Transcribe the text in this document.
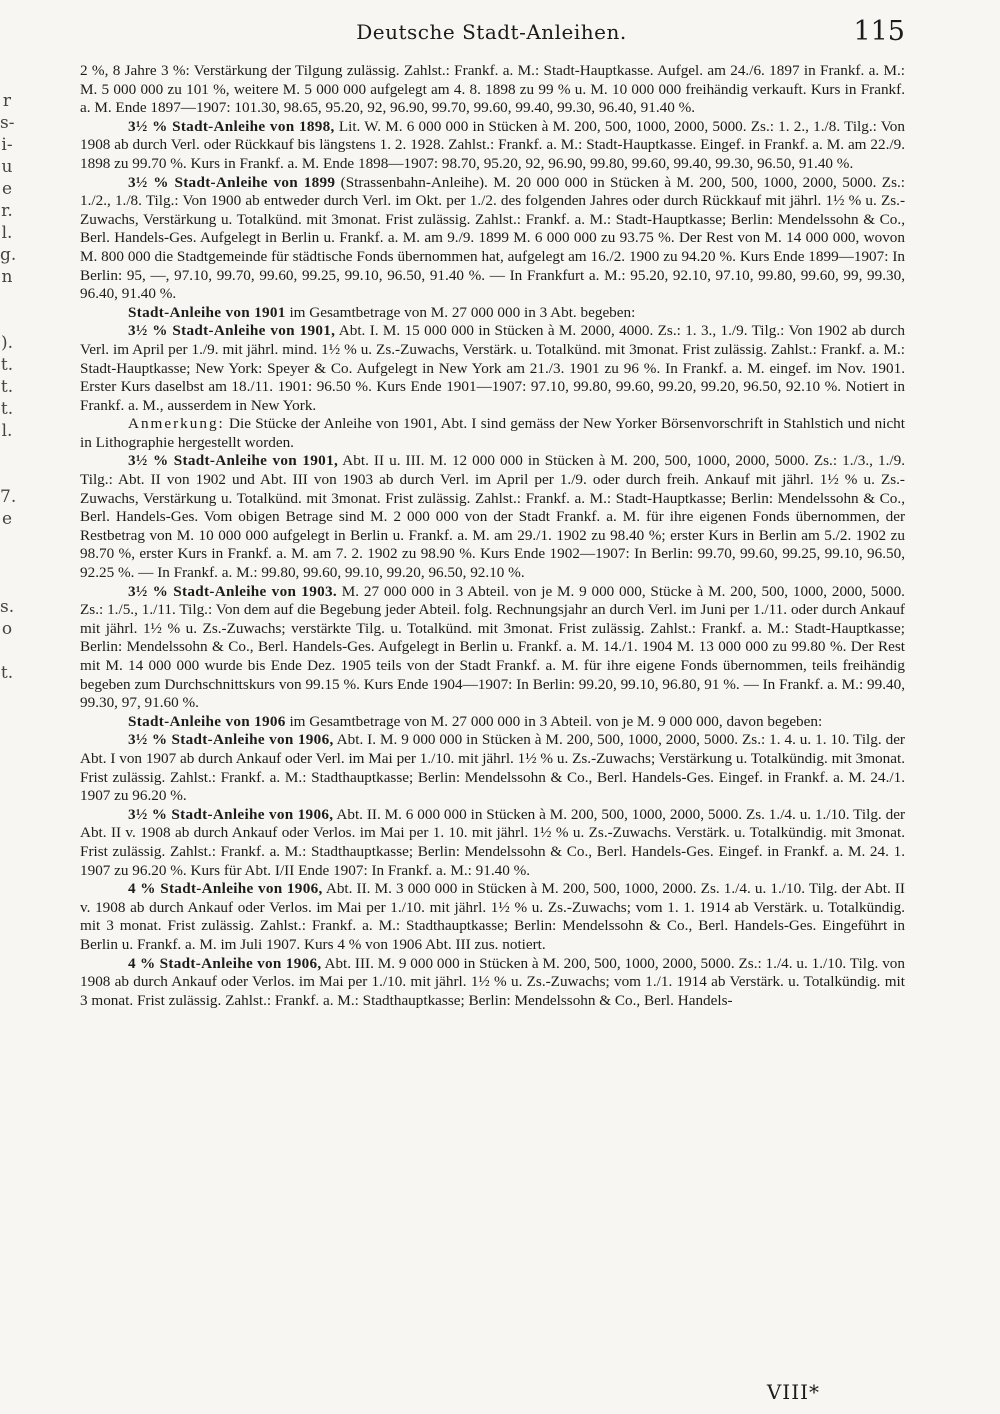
r
s-
i-
u
e
r.
l.
g.
n

).
t.
t.
t.
l.

7.
e

s.
o

t.

Deutsche Stadt-Anleihen.	115

2 %, 8 Jahre 3 %: Verstärkung der Tilgung zulässig. Zahlst.: Frankf. a. M.: Stadt-Hauptkasse. Aufgel. am 24./6. 1897 in Frankf. a. M.: M. 5 000 000 zu 101 %, weitere M. 5 000 000 aufgelegt am 4. 8. 1898 zu 99 % u. M. 10 000 000 freihändig verkauft. Kurs in Frankf. a. M. Ende 1897—1907: 101.30, 98.65, 95.20, 92, 96.90, 99.70, 99.60, 99.40, 99.30, 96.40, 91.40 %.

3½ % Stadt-Anleihe von 1898, Lit. W. M. 6 000 000 in Stücken à M. 200, 500, 1000, 2000, 5000. Zs.: 1. 2., 1./8. Tilg.: Von 1908 ab durch Verl. oder Rückkauf bis längstens 1. 2. 1928. Zahlst.: Frankf. a. M.: Stadt-Hauptkasse. Eingef. in Frankf. a. M. am 22./9. 1898 zu 99.70 %. Kurs in Frankf. a. M. Ende 1898—1907: 98.70, 95.20, 92, 96.90, 99.80, 99.60, 99.40, 99.30, 96.50, 91.40 %.

3½ % Stadt-Anleihe von 1899 (Strassenbahn-Anleihe). M. 20 000 000 in Stücken à M. 200, 500, 1000, 2000, 5000. Zs.: 1./2., 1./8. Tilg.: Von 1900 ab entweder durch Verl. im Okt. per 1./2. des folgenden Jahres oder durch Rückkauf mit jährl. 1½ % u. Zs.-Zuwachs, Verstärkung u. Totalkünd. mit 3monat. Frist zulässig. Zahlst.: Frankf. a. M.: Stadt-Hauptkasse; Berlin: Mendelssohn & Co., Berl. Handels-Ges. Aufgelegt in Berlin u. Frankf. a. M. am 9./9. 1899 M. 6 000 000 zu 93.75 %. Der Rest von M. 14 000 000, wovon M. 800 000 die Stadtgemeinde für städtische Fonds übernommen hat, aufgelegt am 16./2. 1900 zu 94.20 %. Kurs Ende 1899—1907: In Berlin: 95, —, 97.10, 99.70, 99.60, 99.25, 99.10, 96.50, 91.40 %. — In Frankfurt a. M.: 95.20, 92.10, 97.10, 99.80, 99.60, 99, 99.30, 96.40, 91.40 %.

Stadt-Anleihe von 1901 im Gesamtbetrage von M. 27 000 000 in 3 Abt. begeben:

3½ % Stadt-Anleihe von 1901, Abt. I. M. 15 000 000 in Stücken à M. 2000, 4000. Zs.: 1. 3., 1./9. Tilg.: Von 1902 ab durch Verl. im April per 1./9. mit jährl. mind. 1½ % u. Zs.-Zuwachs, Verstärk. u. Totalkünd. mit 3monat. Frist zulässig. Zahlst.: Frankf. a. M.: Stadt-Hauptkasse; New York: Speyer & Co. Aufgelegt in New York am 21./3. 1901 zu 96 %. In Frankf. a. M. eingef. im Nov. 1901. Erster Kurs daselbst am 18./11. 1901: 96.50 %. Kurs Ende 1901—1907: 97.10, 99.80, 99.60, 99.20, 99.20, 96.50, 92.10 %. Notiert in Frankf. a. M., ausserdem in New York.

Anmerkung: Die Stücke der Anleihe von 1901, Abt. I sind gemäss der New Yorker Börsenvorschrift in Stahlstich und nicht in Lithographie hergestellt worden.

3½ % Stadt-Anleihe von 1901, Abt. II u. III. M. 12 000 000 in Stücken à M. 200, 500, 1000, 2000, 5000. Zs.: 1./3., 1./9. Tilg.: Abt. II von 1902 und Abt. III von 1903 ab durch Verl. im April per 1./9. oder durch freih. Ankauf mit jährl. 1½ % u. Zs.-Zuwachs, Verstärkung u. Totalkünd. mit 3monat. Frist zulässig. Zahlst.: Frankf. a. M.: Stadt-Hauptkasse; Berlin: Mendelssohn & Co., Berl. Handels-Ges. Vom obigen Betrage sind M. 2 000 000 von der Stadt Frankf. a. M. für ihre eigenen Fonds übernommen, der Restbetrag von M. 10 000 000 aufgelegt in Berlin u. Frankf. a. M. am 29./1. 1902 zu 98.40 %; erster Kurs in Berlin am 5./2. 1902 zu 98.70 %, erster Kurs in Frankf. a. M. am 7. 2. 1902 zu 98.90 %. Kurs Ende 1902—1907: In Berlin: 99.70, 99.60, 99.25, 99.10, 96.50, 92.25 %. — In Frankf. a. M.: 99.80, 99.60, 99.10, 99.20, 96.50, 92.10 %.

3½ % Stadt-Anleihe von 1903. M. 27 000 000 in 3 Abteil. von je M. 9 000 000, Stücke à M. 200, 500, 1000, 2000, 5000. Zs.: 1./5., 1./11. Tilg.: Von dem auf die Begebung jeder Abteil. folg. Rechnungsjahr an durch Verl. im Juni per 1./11. oder durch Ankauf mit jährl. 1½ % u. Zs.-Zuwachs; verstärkte Tilg. u. Totalkünd. mit 3monat. Frist zulässig. Zahlst.: Frankf. a. M.: Stadt-Hauptkasse; Berlin: Mendelssohn & Co., Berl. Handels-Ges. Aufgelegt in Berlin u. Frankf. a. M. 14./1. 1904 M. 13 000 000 zu 99.80 %. Der Rest mit M. 14 000 000 wurde bis Ende Dez. 1905 teils von der Stadt Frankf. a. M. für ihre eigene Fonds übernommen, teils freihändig begeben zum Durchschnittskurs von 99.15 %. Kurs Ende 1904—1907: In Berlin: 99.20, 99.10, 96.80, 91 %. — In Frankf. a. M.: 99.40, 99.30, 97, 91.60 %.

Stadt-Anleihe von 1906 im Gesamtbetrage von M. 27 000 000 in 3 Abteil. von je M. 9 000 000, davon begeben:

3½ % Stadt-Anleihe von 1906, Abt. I. M. 9 000 000 in Stücken à M. 200, 500, 1000, 2000, 5000. Zs.: 1. 4. u. 1. 10. Tilg. der Abt. I von 1907 ab durch Ankauf oder Verl. im Mai per 1./10. mit jährl. 1½ % u. Zs.-Zuwachs; Verstärkung u. Totalkündig. mit 3monat. Frist zulässig. Zahlst.: Frankf. a. M.: Stadthauptkasse; Berlin: Mendelssohn & Co., Berl. Handels-Ges. Eingef. in Frankf. a. M. 24./1. 1907 zu 96.20 %.

3½ % Stadt-Anleihe von 1906, Abt. II. M. 6 000 000 in Stücken à M. 200, 500, 1000, 2000, 5000. Zs. 1./4. u. 1./10. Tilg. der Abt. II v. 1908 ab durch Ankauf oder Verlos. im Mai per 1. 10. mit jährl. 1½ % u. Zs.-Zuwachs. Verstärk. u. Totalkündig. mit 3monat. Frist zulässig. Zahlst.: Frankf. a. M.: Stadthauptkasse; Berlin: Mendelssohn & Co., Berl. Handels-Ges. Eingef. in Frankf. a. M. 24. 1. 1907 zu 96.20 %. Kurs für Abt. I/II Ende 1907: In Frankf. a. M.: 91.40 %.

4 % Stadt-Anleihe von 1906, Abt. II. M. 3 000 000 in Stücken à M. 200, 500, 1000, 2000. Zs. 1./4. u. 1./10. Tilg. der Abt. II v. 1908 ab durch Ankauf oder Verlos. im Mai per 1./10. mit jährl. 1½ % u. Zs.-Zuwachs; vom 1. 1. 1914 ab Verstärk. u. Totalkündig. mit 3 monat. Frist zulässig. Zahlst.: Frankf. a. M.: Stadthauptkasse; Berlin: Mendelssohn & Co., Berl. Handels-Ges. Eingeführt in Berlin u. Frankf. a. M. im Juli 1907. Kurs 4 % von 1906 Abt. III zus. notiert.

4 % Stadt-Anleihe von 1906, Abt. III. M. 9 000 000 in Stücken à M. 200, 500, 1000, 2000, 5000. Zs.: 1./4. u. 1./10. Tilg. von 1908 ab durch Ankauf oder Verlos. im Mai per 1./10. mit jährl. 1½ % u. Zs.-Zuwachs; vom 1./1. 1914 ab Verstärk. u. Totalkündig. mit 3 monat. Frist zulässig. Zahlst.: Frankf. a. M.: Stadthauptkasse; Berlin: Mendelssohn & Co., Berl. Handels-

VIII*
